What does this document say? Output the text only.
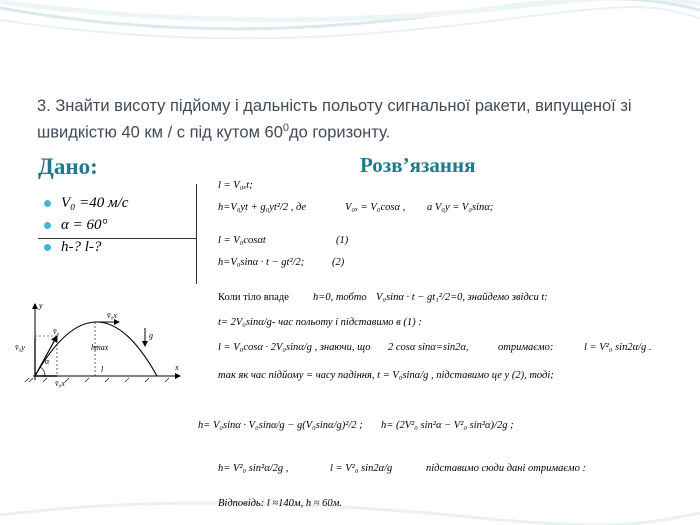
3. Знайти висоту підйому і дальність польоту сигнальної ракети, випущеної зі швидкістю 40 км / с під кутом $60^0до$ горизонту.
Дано:	Розв’язання
V₀ =40 м/с
α = 60°
h-? l-?
l = V₀ₓt;
h=V₀yt + g₀yt²/2 , де	V₀ₓ = V₀cosα , а V₀y = V₀sinα;
l = V₀cosαt	(1)
h=V₀sinα · t − gt²/2;	(2)
Коли тіло впаде h=0, тобто V₀sinα · t − gt₁²/2=0, знайдемо звідси t:
t= 2V₀sinα/g - час польоту і підставимо в (1) :
l = V₀cosα · 2V₀sinα/g , знаючи, що 2 cosα sinα=sin2α,	отримаємо:	l = V²₀ sin2α/g .
так як час підйому = часу падіння, t = V₀sinα/g , підставимо це у (2), тоді;
h= V₀sinα · V₀sinα/g − g(V₀sinα/g)²/2 ; h= (2V²₀ sin²α − V²₀ sin²α)/2g ;
h= V²₀ sin²α/2g ,	l = V²₀ sin2α/g	підставимо сюди дані отримаємо :
Відповідь: l ≈140м, h ≈ 60м.
y
x
v̄₀
v̄₀x
v̄₀y	hmax
l
α
g
v̄₀x
